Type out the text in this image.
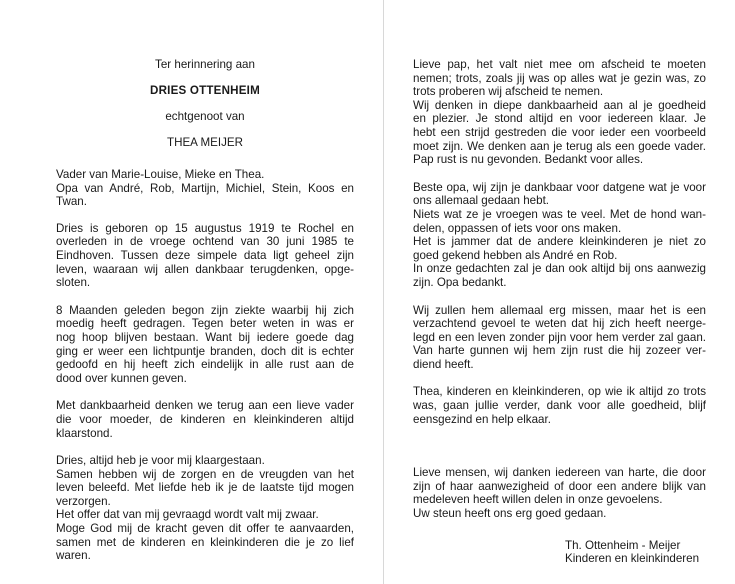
Ter herinnering aan
DRIES OTTENHEIM
echtgenoot van
THEA MEIJER
Vader van Marie-Louise, Mieke en Thea.
Opa van André, Rob, Martijn, Michiel, Stein, Koos en
Twan.
Dries is geboren op 15 augustus 1919 te Rochel en
overleden in de vroege ochtend van 30 juni 1985 te
Eindhoven. Tussen deze simpele data ligt geheel zijn
leven, waaraan wij allen dankbaar terugdenken, opge-
sloten.
8 Maanden geleden begon zijn ziekte waarbij hij zich
moedig heeft gedragen. Tegen beter weten in was er
nog hoop blijven bestaan. Want bij iedere goede dag
ging er weer een lichtpuntje branden, doch dit is echter
gedoofd en hij heeft zich eindelijk in alle rust aan de
dood over kunnen geven.
Met dankbaarheid denken we terug aan een lieve vader
die voor moeder, de kinderen en kleinkinderen altijd
klaarstond.
Dries, altijd heb je voor mij klaargestaan.
Samen hebben wij de zorgen en de vreugden van het
leven beleefd. Met liefde heb ik je de laatste tijd mogen
verzorgen.
Het offer dat van mij gevraagd wordt valt mij zwaar.
Moge God mij de kracht geven dit offer te aanvaarden,
samen met de kinderen en kleinkinderen die je zo lief
waren.
Lieve pap, het valt niet mee om afscheid te moeten
nemen; trots, zoals jij was op alles wat je gezin was, zo
trots proberen wij afscheid te nemen.
Wij denken in diepe dankbaarheid aan al je goedheid
en plezier. Je stond altijd en voor iedereen klaar. Je
hebt een strijd gestreden die voor ieder een voorbeeld
moet zijn. We denken aan je terug als een goede vader.
Pap rust is nu gevonden. Bedankt voor alles.
Beste opa, wij zijn je dankbaar voor datgene wat je voor
ons allemaal gedaan hebt.
Niets wat ze je vroegen was te veel. Met de hond wan-
delen, oppassen of iets voor ons maken.
Het is jammer dat de andere kleinkinderen je niet zo
goed gekend hebben als André en Rob.
In onze gedachten zal je dan ook altijd bij ons aanwezig
zijn. Opa bedankt.
Wij zullen hem allemaal erg missen, maar het is een
verzachtend gevoel te weten dat hij zich heeft neerge-
legd en een leven zonder pijn voor hem verder zal gaan.
Van harte gunnen wij hem zijn rust die hij zozeer ver-
diend heeft.
Thea, kinderen en kleinkinderen, op wie ik altijd zo trots
was, gaan jullie verder, dank voor alle goedheid, blijf
eensgezind en help elkaar.
Lieve mensen, wij danken iedereen van harte, die door
zijn of haar aanwezigheid of door een andere blijk van
medeleven heeft willen delen in onze gevoelens.
Uw steun heeft ons erg goed gedaan.
Th. Ottenheim - Meijer
Kinderen en kleinkinderen
